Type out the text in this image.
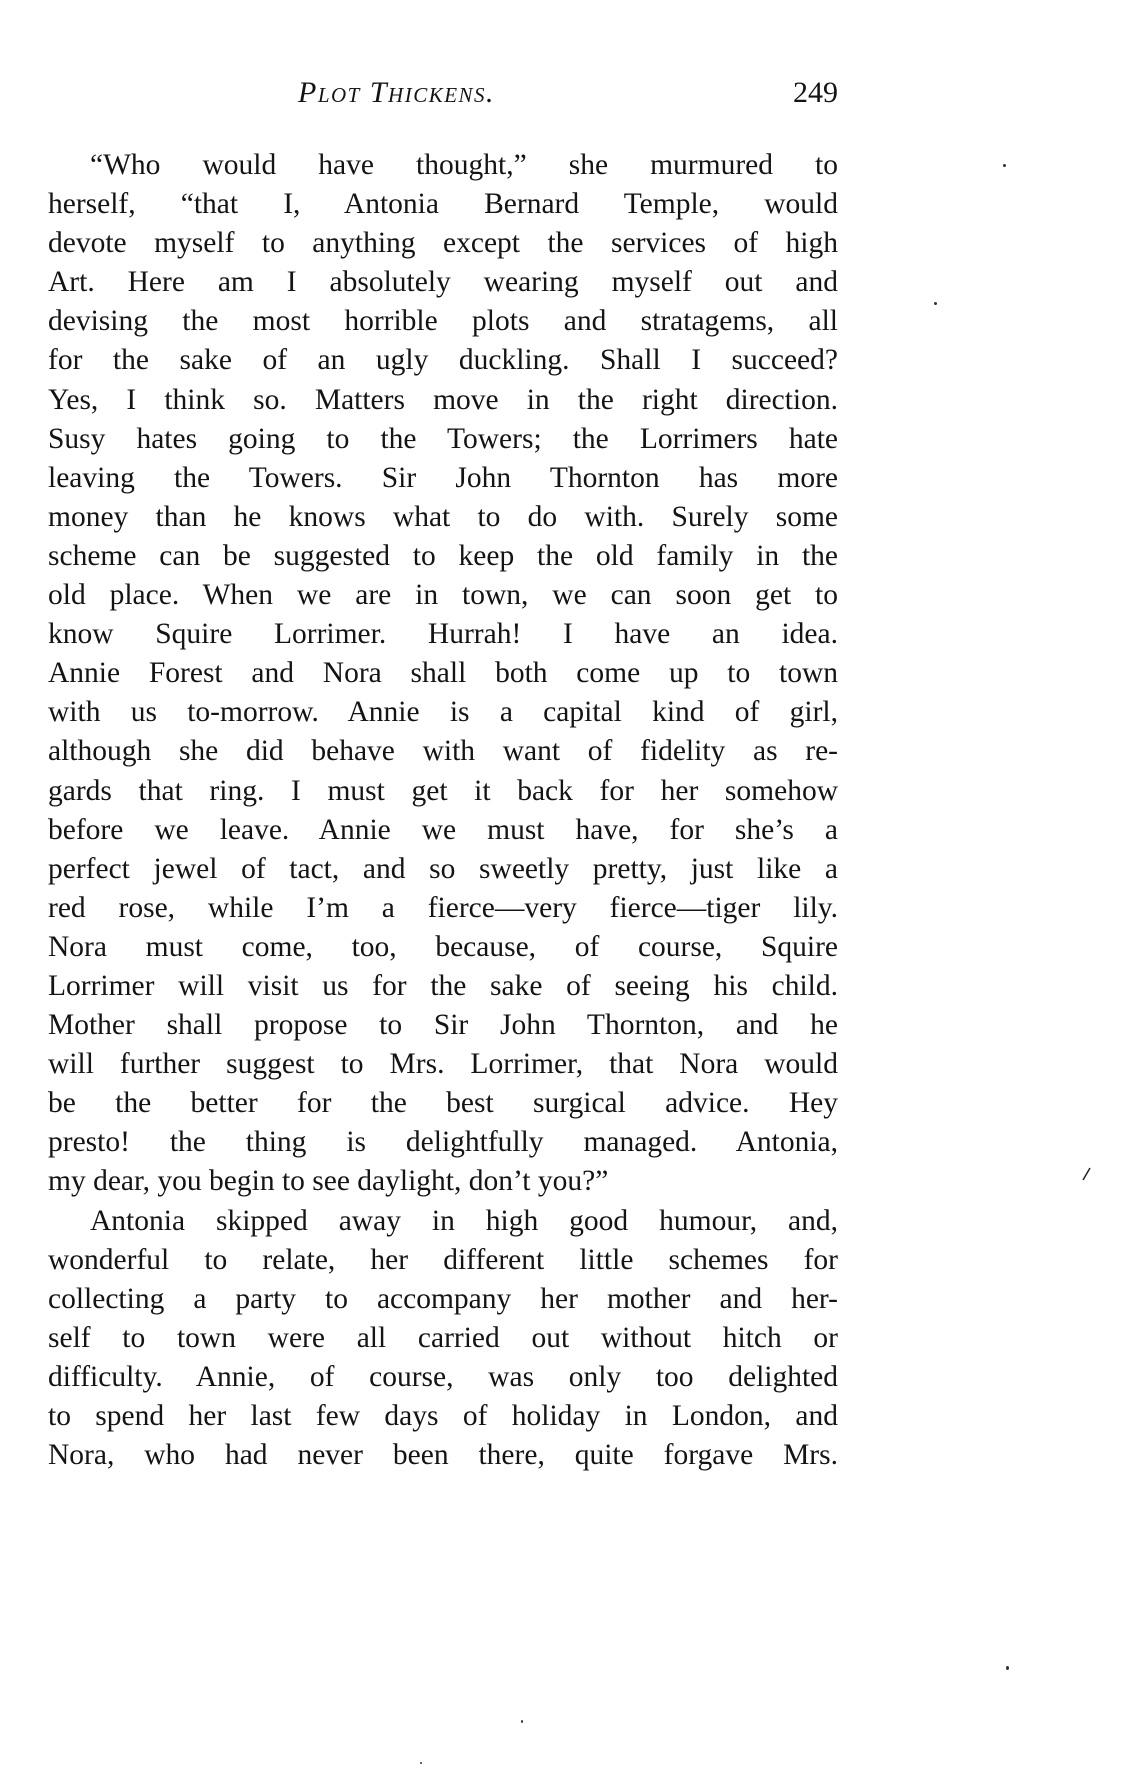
Plot Thickens.	249
“Who would have thought,” she murmured to
herself, “that I, Antonia Bernard Temple, would
devote myself to anything except the services of high
Art. Here am I absolutely wearing myself out and
devising the most horrible plots and stratagems, all
for the sake of an ugly duckling. Shall I succeed?
Yes, I think so. Matters move in the right direction.
Susy hates going to the Towers; the Lorrimers hate
leaving the Towers. Sir John Thornton has more
money than he knows what to do with. Surely some
scheme can be suggested to keep the old family in the
old place. When we are in town, we can soon get to
know Squire Lorrimer. Hurrah! I have an idea.
Annie Forest and Nora shall both come up to town
with us to-morrow. Annie is a capital kind of girl,
although she did behave with want of fidelity as re-
gards that ring. I must get it back for her somehow
before we leave. Annie we must have, for she’s a
perfect jewel of tact, and so sweetly pretty, just like a
red rose, while I’m a fierce—very fierce—tiger lily.
Nora must come, too, because, of course, Squire
Lorrimer will visit us for the sake of seeing his child.
Mother shall propose to Sir John Thornton, and he
will further suggest to Mrs. Lorrimer, that Nora would
be the better for the best surgical advice. Hey
presto! the thing is delightfully managed. Antonia,
my dear, you begin to see daylight, don’t you?”
Antonia skipped away in high good humour, and,
wonderful to relate, her different little schemes for
collecting a party to accompany her mother and her-
self to town were all carried out without hitch or
difficulty. Annie, of course, was only too delighted
to spend her last few days of holiday in London, and
Nora, who had never been there, quite forgave Mrs.
